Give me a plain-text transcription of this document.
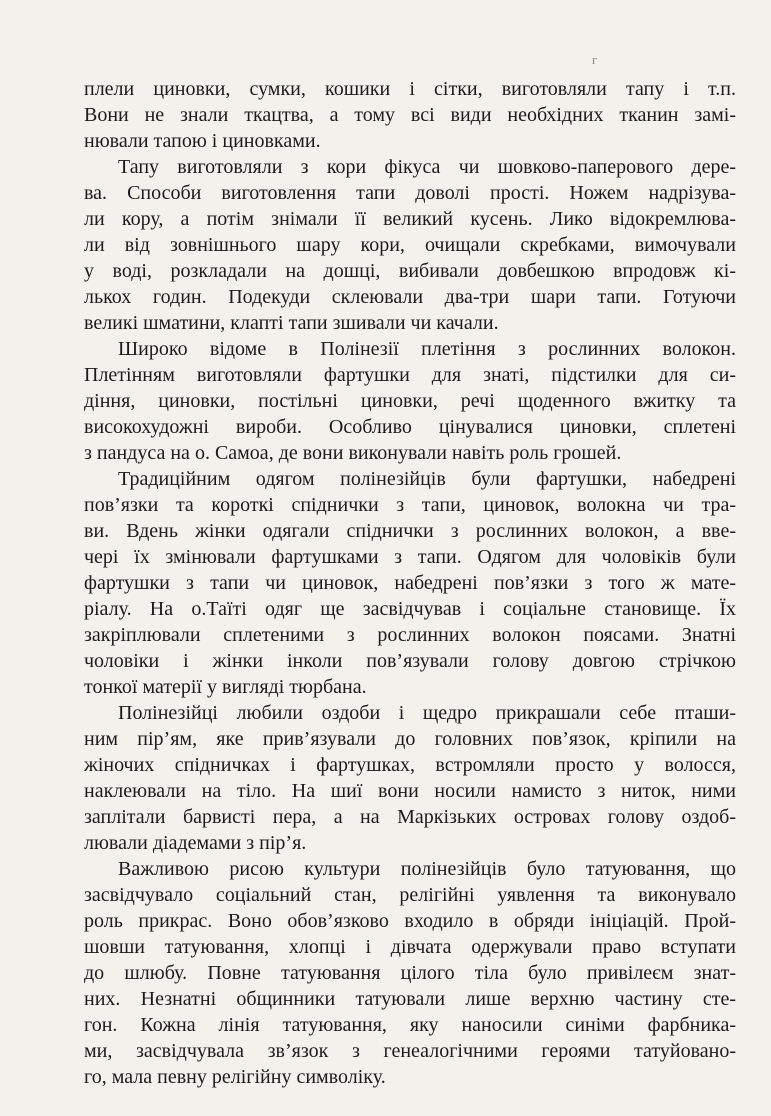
г
плели циновки, сумки, кошики і сітки, виготовляли тапу і т.п.
Вони не знали ткацтва, а тому всі види необхідних тканин замі-
нювали тапою і циновками.
Тапу виготовляли з кори фікуса чи шовково-паперового дере-
ва. Способи виготовлення тапи доволі прості. Ножем надрізува-
ли кору, а потім знімали її великий кусень. Лико відокремлюва-
ли від зовнішнього шару кори, очищали скребками, вимочували
у воді, розкладали на дошці, вибивали довбешкою впродовж кі-
лькох годин. Подекуди склеювали два-три шари тапи. Готуючи
великі шматини, клапті тапи зшивали чи качали.
Широко відоме в Полінезії плетіння з рослинних волокон.
Плетінням виготовляли фартушки для знаті, підстилки для си-
діння, циновки, постільні циновки, речі щоденного вжитку та
високохудожні вироби. Особливо цінувалися циновки, сплетені
з пандуса на о. Самоа, де вони виконували навіть роль грошей.
Традиційним одягом полінезійців були фартушки, набедрені
пов’язки та короткі спіднички з тапи, циновок, волокна чи тра-
ви. Вдень жінки одягали спіднички з рослинних волокон, а ввe-
чері їх змінювали фартушками з тапи. Одягом для чоловіків були
фартушки з тапи чи циновок, набедрені пов’язки з того ж мате-
ріалу. На о.Таїті одяг ще засвідчував і соціальне становище. Їх
закріплювали сплетеними з рослинних волокон поясами. Знатні
чоловіки і жінки інколи пов’язували голову довгою стрічкою
тонкої матерії у вигляді тюрбана.
Полінезійці любили оздоби і щедро прикрашали себе пташи-
ним пір’ям, яке прив’язували до головних пов’язок, кріпили на
жіночих спідничках і фартушках, встромляли просто у волосся,
наклеювали на тіло. На шиї вони носили намисто з ниток, ними
заплітали барвисті пера, а на Маркізьких островах голову оздоб-
лювали діадемами з пір’я.
Важливою рисою культури полінезійців було татуювання, що
засвідчувало соціальний стан, релігійні уявлення та виконувало
роль прикрас. Воно обов’язково входило в обряди ініціацій. Прой-
шовши татуювання, хлопці і дівчата одержували право вступати
до шлюбу. Повне татуювання цілого тіла було привілеєм знат-
них. Незнатні общинники татуювали лише верхню частину сте-
гон. Кожна лінія татуювання, яку наносили синіми фарбника-
ми, засвідчувала зв’язок з генеалогічними героями татуйовано-
го, мала певну релігійну символіку.
